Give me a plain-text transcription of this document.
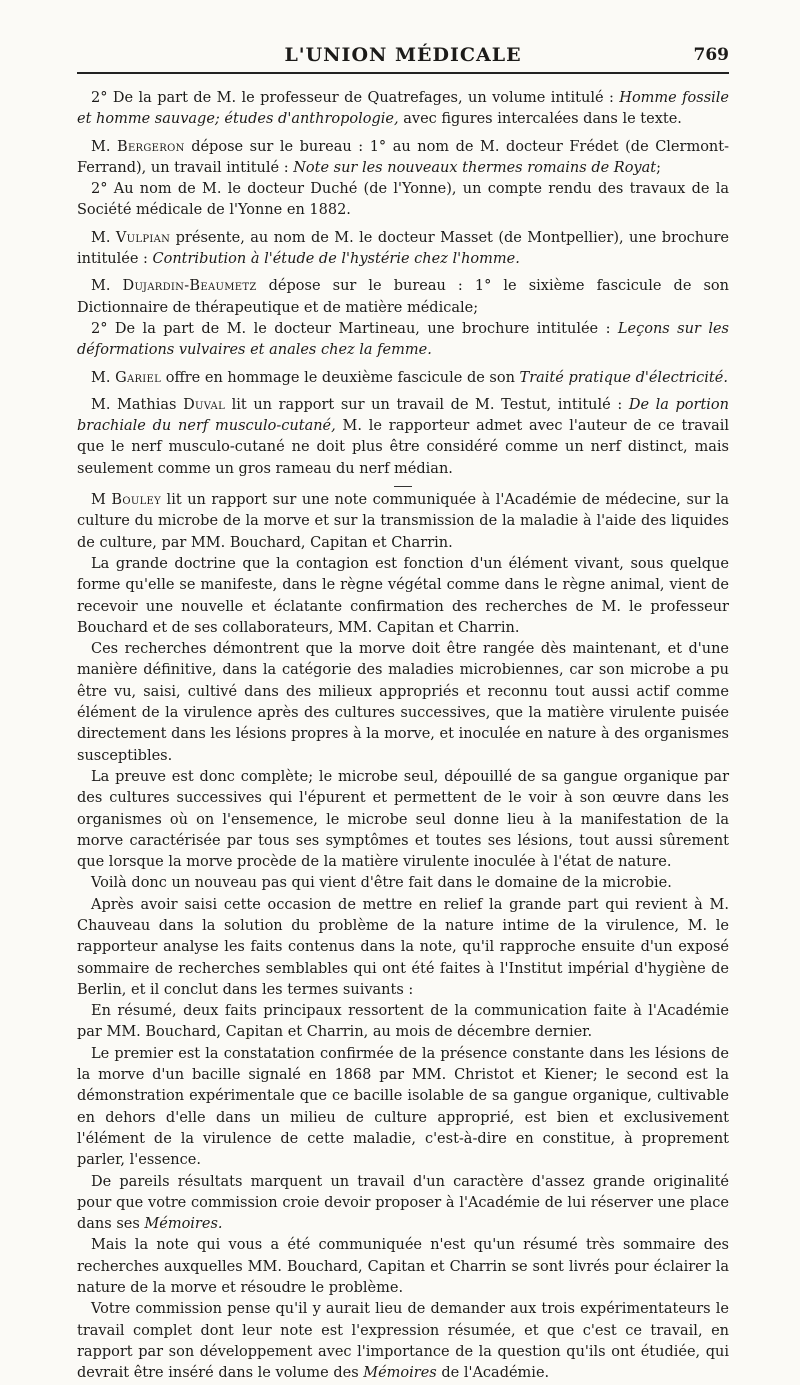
L'UNION MÉDICALE	769

2° De la part de M. le professeur de Quatrefages, un volume intitulé : Homme fossile et homme sauvage; études d'anthropologie, avec figures intercalées dans le texte.

M. Bergeron dépose sur le bureau : 1° au nom de M. docteur Frédet (de Clermont-Ferrand), un travail intitulé : Note sur les nouveaux thermes romains de Royat;

2° Au nom de M. le docteur Duché (de l'Yonne), un compte rendu des travaux de la Société médicale de l'Yonne en 1882.

M. Vulpian présente, au nom de M. le docteur Masset (de Montpellier), une brochure intitulée : Contribution à l'étude de l'hystérie chez l'homme.

M. Dujardin-Beaumetz dépose sur le bureau : 1° le sixième fascicule de son Dictionnaire de thérapeutique et de matière médicale;

2° De la part de M. le docteur Martineau, une brochure intitulée : Leçons sur les déformations vulvaires et anales chez la femme.

M. Gariel offre en hommage le deuxième fascicule de son Traité pratique d'électricité.

M. Mathias Duval lit un rapport sur un travail de M. Testut, intitulé : De la portion brachiale du nerf musculo-cutané, M. le rapporteur admet avec l'auteur de ce travail que le nerf musculo-cutané ne doit plus être considéré comme un nerf distinct, mais seulement comme un gros rameau du nerf médian.

M Bouley lit un rapport sur une note communiquée à l'Académie de médecine, sur la culture du microbe de la morve et sur la transmission de la maladie à l'aide des liquides de culture, par MM. Bouchard, Capitan et Charrin.

La grande doctrine que la contagion est fonction d'un élément vivant, sous quelque forme qu'elle se manifeste, dans le règne végétal comme dans le règne animal, vient de recevoir une nouvelle et éclatante confirmation des recherches de M. le professeur Bouchard et de ses collaborateurs, MM. Capitan et Charrin.

Ces recherches démontrent que la morve doit être rangée dès maintenant, et d'une manière définitive, dans la catégorie des maladies microbiennes, car son microbe a pu être vu, saisi, cultivé dans des milieux appropriés et reconnu tout aussi actif comme élément de la virulence après des cultures successives, que la matière virulente puisée directement dans les lésions propres à la morve, et inoculée en nature à des organismes susceptibles.

La preuve est donc complète; le microbe seul, dépouillé de sa gangue organique par des cultures successives qui l'épurent et permettent de le voir à son œuvre dans les organismes où on l'ensemence, le microbe seul donne lieu à la manifestation de la morve caractérisée par tous ses symptômes et toutes ses lésions, tout aussi sûrement que lorsque la morve procède de la matière virulente inoculée à l'état de nature.

Voilà donc un nouveau pas qui vient d'être fait dans le domaine de la microbie.

Après avoir saisi cette occasion de mettre en relief la grande part qui revient à M. Chauveau dans la solution du problème de la nature intime de la virulence, M. le rapporteur analyse les faits contenus dans la note, qu'il rapproche ensuite d'un exposé sommaire de recherches semblables qui ont été faites à l'Institut impérial d'hygiène de Berlin, et il conclut dans les termes suivants :

En résumé, deux faits principaux ressortent de la communication faite à l'Académie par MM. Bouchard, Capitan et Charrin, au mois de décembre dernier.

Le premier est la constatation confirmée de la présence constante dans les lésions de la morve d'un bacille signalé en 1868 par MM. Christot et Kiener; le second est la démonstration expérimentale que ce bacille isolable de sa gangue organique, cultivable en dehors d'elle dans un milieu de culture approprié, est bien et exclusivement l'élément de la virulence de cette maladie, c'est-à-dire en constitue, à proprement parler, l'essence.

De pareils résultats marquent un travail d'un caractère d'assez grande originalité pour que votre commission croie devoir proposer à l'Académie de lui réserver une place dans ses Mémoires.

Mais la note qui vous a été communiquée n'est qu'un résumé très sommaire des recherches auxquelles MM. Bouchard, Capitan et Charrin se sont livrés pour éclairer la nature de la morve et résoudre le problème.

Votre commission pense qu'il y aurait lieu de demander aux trois expérimentateurs le travail complet dont leur note est l'expression résumée, et que c'est ce travail, en rapport par son développement avec l'importance de la question qu'ils ont étudiée, qui devrait être inséré dans le volume des Mémoires de l'Académie.
